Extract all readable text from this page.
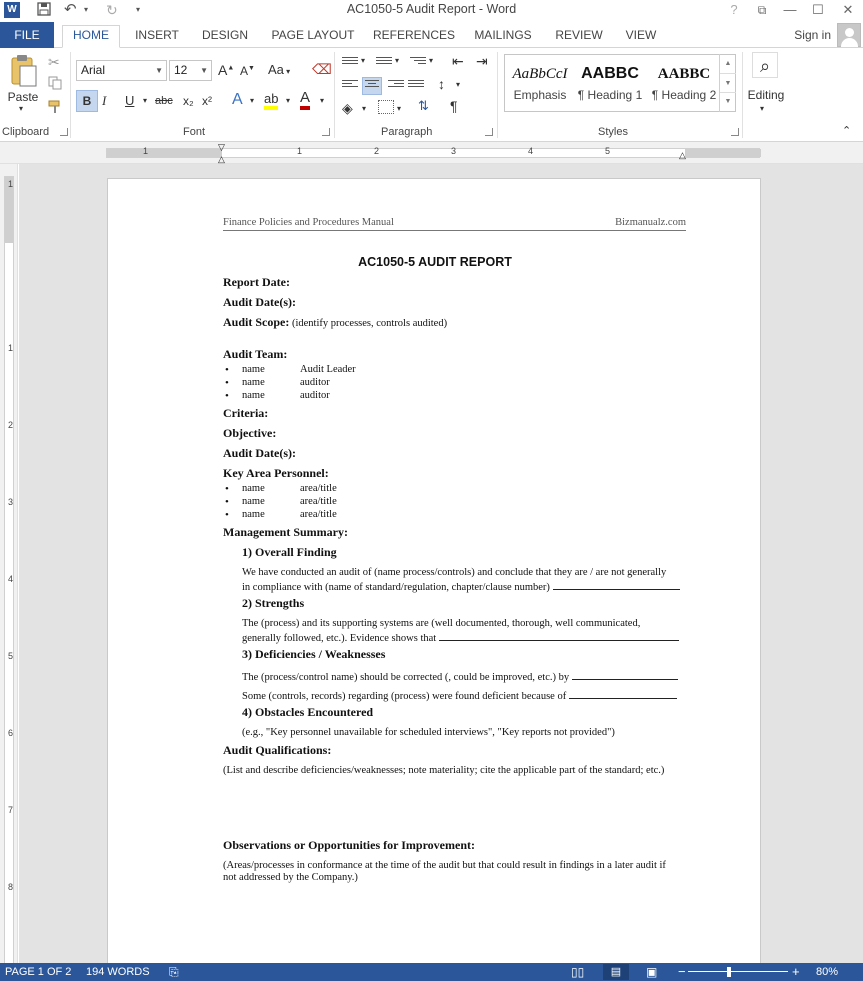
W	↶ ▾ ↻ ▾	AC1050-5 Audit Report - Word	?	⧉	—	☐	✕
FILE	HOME	INSERT	DESIGN	PAGE LAYOUT	REFERENCES	MAILINGS	REVIEW	VIEW	Sign in
Paste
▾
✂
Clipboard
Arial	▼ 12 ▼ A▲ A▼ Aa ▾ ⌫
B I U ▾ abc x₂ x² A ▾ ab ▾ A ▾
Font
▾	▾	▾ ⇤ ⇥
↕ ▾
◈ ▾	▾ ⇅ ¶
Paragraph
AaBbCcI
Emphasis
AABBC
¶ Heading 1
AABBC
¶ Heading 2
▲
▼
▼
Styles
⌕
Editing
▾
⌃
1	1	2	3	4	5
▽
△	△
1
1
2
3
4
5
6
7
8
Finance Policies and Procedures Manual	Bizmanualz.com
AC1050-5 AUDIT REPORT
Report Date:
Audit Date(s):
Audit Scope: (identify processes, controls audited)
Audit Team:
• name	Audit Leader
• name	auditor
• name	auditor
Criteria:
Objective:
Audit Date(s):
Key Area Personnel:
• name	area/title
• name	area/title
• name	area/title
Management Summary:
1) Overall Finding
We have conducted an audit of (name process/controls) and conclude that they are / are not generally
in compliance with (name of standard/regulation, chapter/clause number)
2) Strengths
The (process) and its supporting systems are (well documented, thorough, well communicated,
generally followed, etc.). Evidence shows that
3) Deficiencies / Weaknesses
The (process/control name) should be corrected (, could be improved, etc.) by
Some (controls, records) regarding (process) were found deficient because of
4) Obstacles Encountered
(e.g., "Key personnel unavailable for scheduled interviews", "Key reports not provided")
Audit Qualifications:
(List and describe deficiencies/weaknesses; note materiality; cite the applicable part of the standard; etc.)
Observations or Opportunities for Improvement:
(Areas/processes in conformance at the time of the audit but that could result in findings in a later audit if
not addressed by the Company.)
PAGE 1 OF 2 194 WORDS ⎘	▯▯	▤	▣ −	+ 80%
